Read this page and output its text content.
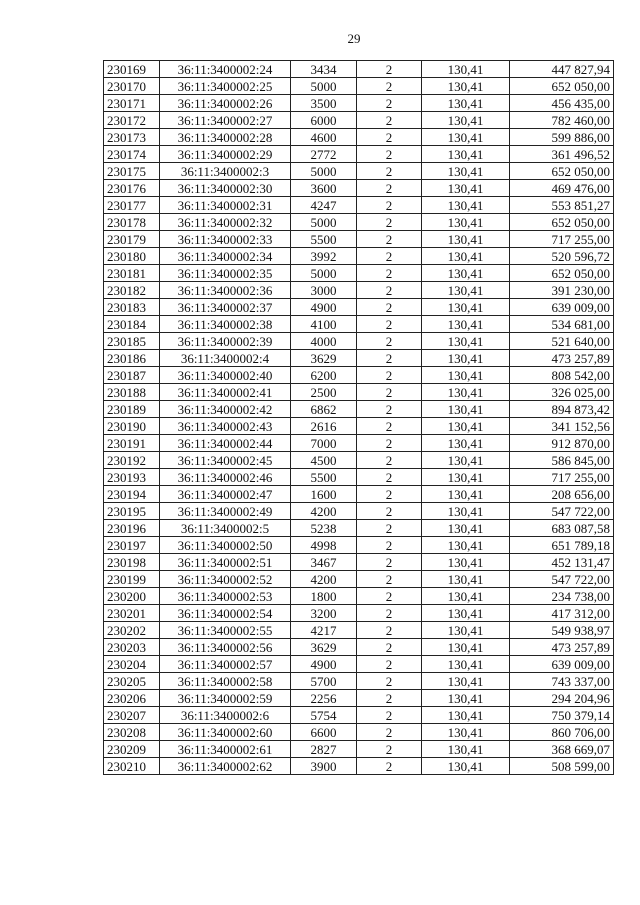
29
230169	36:11:3400002:24	3434	2	130,41	447 827,94
230170	36:11:3400002:25	5000	2	130,41	652 050,00
230171	36:11:3400002:26	3500	2	130,41	456 435,00
230172	36:11:3400002:27	6000	2	130,41	782 460,00
230173	36:11:3400002:28	4600	2	130,41	599 886,00
230174	36:11:3400002:29	2772	2	130,41	361 496,52
230175	36:11:3400002:3	5000	2	130,41	652 050,00
230176	36:11:3400002:30	3600	2	130,41	469 476,00
230177	36:11:3400002:31	4247	2	130,41	553 851,27
230178	36:11:3400002:32	5000	2	130,41	652 050,00
230179	36:11:3400002:33	5500	2	130,41	717 255,00
230180	36:11:3400002:34	3992	2	130,41	520 596,72
230181	36:11:3400002:35	5000	2	130,41	652 050,00
230182	36:11:3400002:36	3000	2	130,41	391 230,00
230183	36:11:3400002:37	4900	2	130,41	639 009,00
230184	36:11:3400002:38	4100	2	130,41	534 681,00
230185	36:11:3400002:39	4000	2	130,41	521 640,00
230186	36:11:3400002:4	3629	2	130,41	473 257,89
230187	36:11:3400002:40	6200	2	130,41	808 542,00
230188	36:11:3400002:41	2500	2	130,41	326 025,00
230189	36:11:3400002:42	6862	2	130,41	894 873,42
230190	36:11:3400002:43	2616	2	130,41	341 152,56
230191	36:11:3400002:44	7000	2	130,41	912 870,00
230192	36:11:3400002:45	4500	2	130,41	586 845,00
230193	36:11:3400002:46	5500	2	130,41	717 255,00
230194	36:11:3400002:47	1600	2	130,41	208 656,00
230195	36:11:3400002:49	4200	2	130,41	547 722,00
230196	36:11:3400002:5	5238	2	130,41	683 087,58
230197	36:11:3400002:50	4998	2	130,41	651 789,18
230198	36:11:3400002:51	3467	2	130,41	452 131,47
230199	36:11:3400002:52	4200	2	130,41	547 722,00
230200	36:11:3400002:53	1800	2	130,41	234 738,00
230201	36:11:3400002:54	3200	2	130,41	417 312,00
230202	36:11:3400002:55	4217	2	130,41	549 938,97
230203	36:11:3400002:56	3629	2	130,41	473 257,89
230204	36:11:3400002:57	4900	2	130,41	639 009,00
230205	36:11:3400002:58	5700	2	130,41	743 337,00
230206	36:11:3400002:59	2256	2	130,41	294 204,96
230207	36:11:3400002:6	5754	2	130,41	750 379,14
230208	36:11:3400002:60	6600	2	130,41	860 706,00
230209	36:11:3400002:61	2827	2	130,41	368 669,07
230210	36:11:3400002:62	3900	2	130,41	508 599,00
